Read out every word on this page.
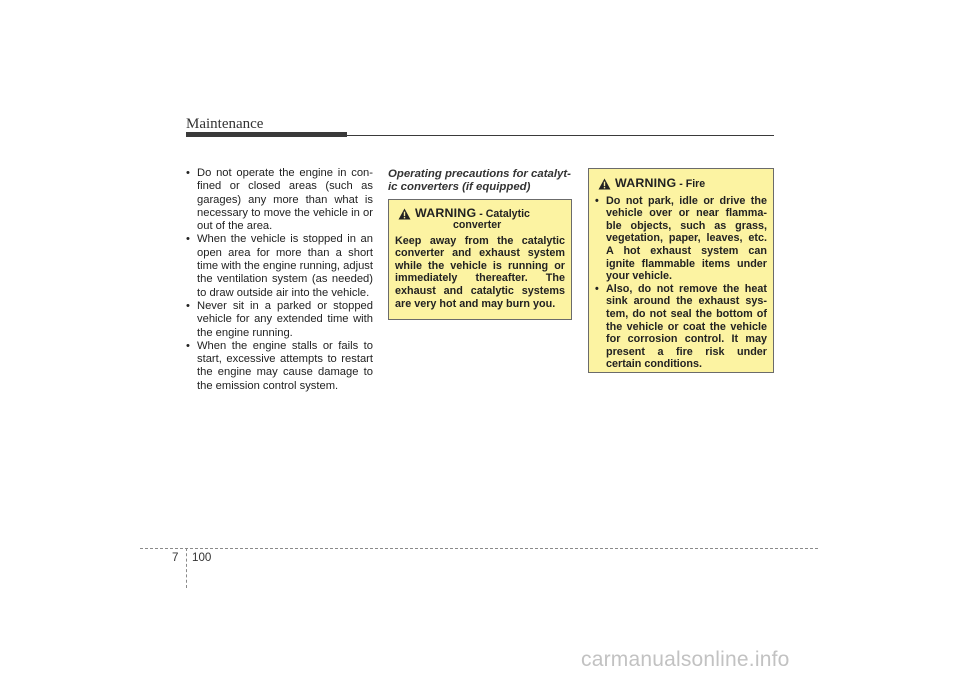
Maintenance
• Do not operate the engine in con-fined or closed areas (such as garages) any more than what is necessary to move the vehicle in or out of the area.
• When the vehicle is stopped in an open area for more than a short time with the engine running, adjust the ventilation system (as needed) to draw outside air into the vehicle.
• Never sit in a parked or stopped vehicle for any extended time with the engine running.
• When the engine stalls or fails to start, excessive attempts to restart the engine may cause damage to the emission control system.
Operating precautions for catalyt-ic converters (if equipped)
WARNING - Catalytic
converter
Keep away from the catalytic converter and exhaust system while the vehicle is running or immediately thereafter. The exhaust and catalytic systems are very hot and may burn you.
WARNING - Fire
• Do not park, idle or drive the vehicle over or near flamma-ble objects, such as grass, vegetation, paper, leaves, etc. A hot exhaust system can ignite flammable items under your vehicle.
• Also, do not remove the heat sink around the exhaust sys-tem, do not seal the bottom of the vehicle or coat the vehicle for corrosion control. It may present a fire risk under certain conditions.
7 100
carmanualsonline.info
